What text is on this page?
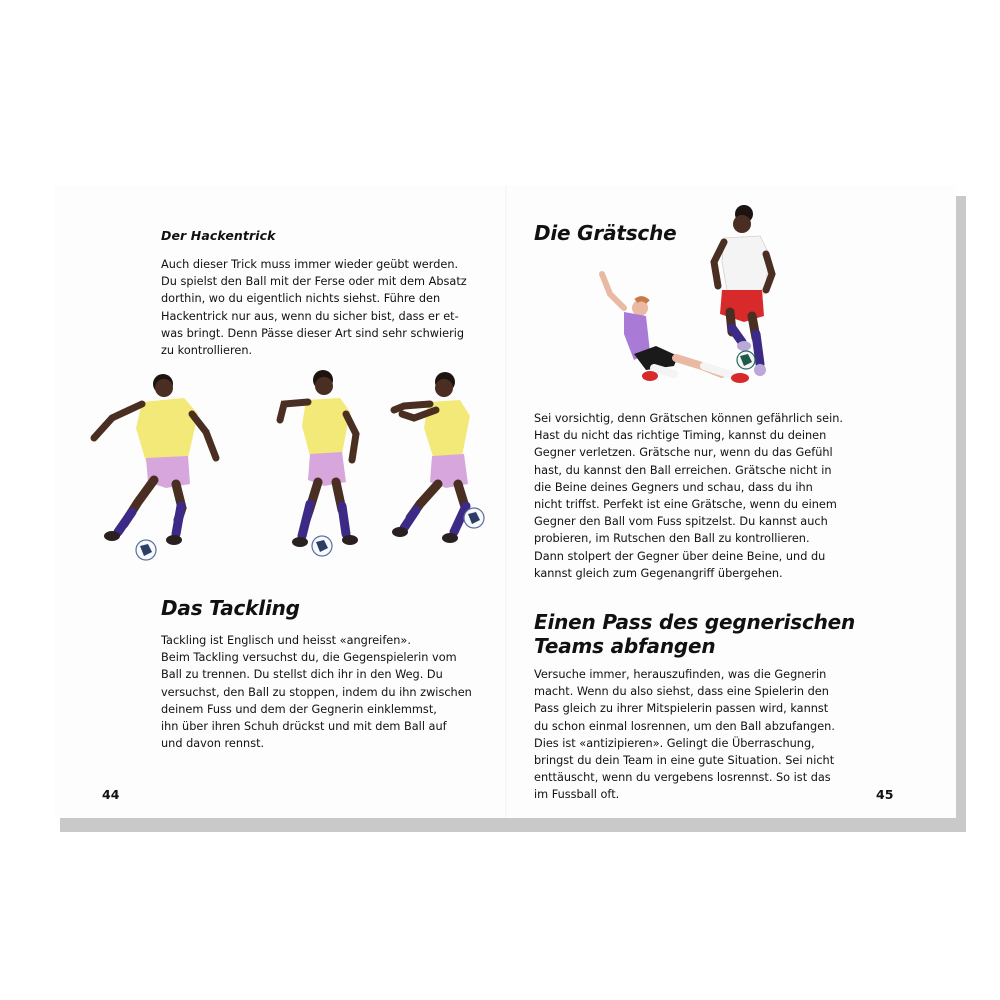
Der Hackentrick

Auch dieser Trick muss immer wieder geübt werden.
Du spielst den Ball mit der Ferse oder mit dem Absatz
dorthin, wo du eigentlich nichts siehst. Führe den
Hackentrick nur aus, wenn du sicher bist, dass er et-
was bringt. Denn Pässe dieser Art sind sehr schwierig
zu kontrollieren.

Das Tackling

Tackling ist Englisch und heisst «angreifen».
Beim Tackling versuchst du, die Gegenspielerin vom
Ball zu trennen. Du stellst dich ihr in den Weg. Du
versuchst, den Ball zu stoppen, indem du ihn zwischen
deinem Fuss und dem der Gegnerin einklemmst,
ihn über ihren Schuh drückst und mit dem Ball auf
und davon rennst.

44
Die Grätsche

Sei vorsichtig, denn Grätschen können gefährlich sein.
Hast du nicht das richtige Timing, kannst du deinen
Gegner verletzen. Grätsche nur, wenn du das Gefühl
hast, du kannst den Ball erreichen. Grätsche nicht in
die Beine deines Gegners und schau, dass du ihn
nicht triffst. Perfekt ist eine Grätsche, wenn du einem
Gegner den Ball vom Fuss spitzelst. Du kannst auch
probieren, im Rutschen den Ball zu kontrollieren.
Dann stolpert der Gegner über deine Beine, und du
kannst gleich zum Gegenangriff übergehen.

Einen Pass des gegnerischen
Teams abfangen

Versuche immer, herauszufinden, was die Gegnerin
macht. Wenn du also siehst, dass eine Spielerin den
Pass gleich zu ihrer Mitspielerin passen wird, kannst
du schon einmal losrennen, um den Ball abzufangen.
Dies ist «antizipieren». Gelingt die Überraschung,
bringst du dein Team in eine gute Situation. Sei nicht
enttäuscht, wenn du vergebens losrennst. So ist das
im Fussball oft.	45
